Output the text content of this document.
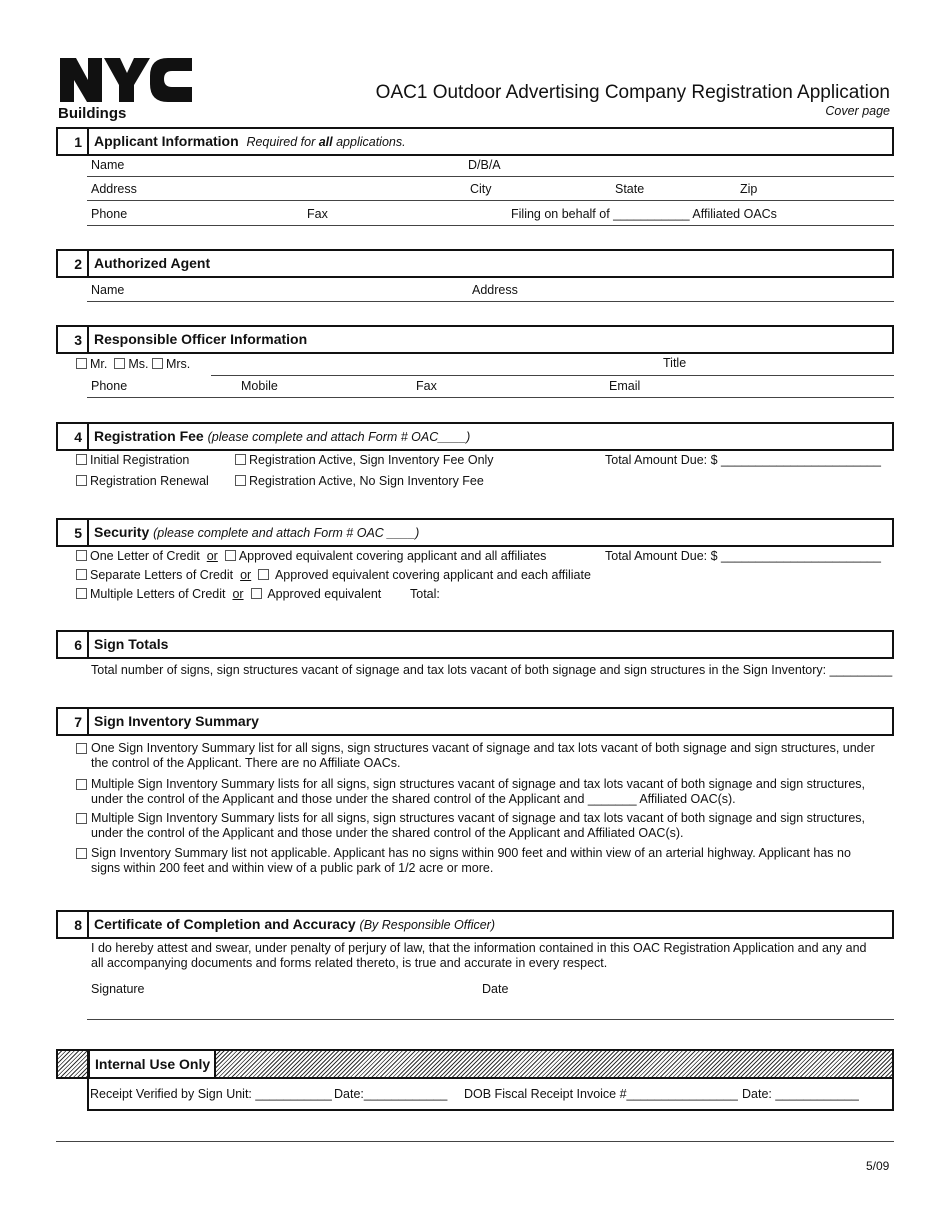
Buildings
OAC1 Outdoor Advertising Company Registration Application
Cover page
1 Applicant Information Required for all applications.
Name	D/B/A
Address	City	State	Zip
Phone	Fax	Filing on behalf of ___________ Affiliated OACs
2 Authorized Agent
Name	Address
3 Responsible Officer Information
Mr. Ms. Mrs.	Title
Phone	Mobile	Fax	Email
4 Registration Fee (please complete and attach Form # OAC____)
Initial Registration	Registration Active, Sign Inventory Fee Only	Total Amount Due: $ _______________________
Registration Renewal	Registration Active, No Sign Inventory Fee
5 Security (please complete and attach Form # OAC ____)
One Letter of Credit or Approved equivalent covering applicant and all affiliates	Total Amount Due: $ _______________________
Separate Letters of Credit or Approved equivalent covering applicant and each affiliate
Multiple Letters of Credit or Approved equivalent Total:
6 Sign Totals
Total number of signs, sign structures vacant of signage and tax lots vacant of both signage and sign structures in the Sign Inventory: _________
7 Sign Inventory Summary
One Sign Inventory Summary list for all signs, sign structures vacant of signage and tax lots vacant of both signage and sign structures, under the control of the Applicant. There are no Affiliate OACs.
Multiple Sign Inventory Summary lists for all signs, sign structures vacant of signage and tax lots vacant of both signage and sign structures, under the control of the Applicant and those under the shared control of the Applicant and _______ Affiliated OAC(s).
Multiple Sign Inventory Summary lists for all signs, sign structures vacant of signage and tax lots vacant of both signage and sign structures, under the control of the Applicant and those under the shared control of the Applicant and Affiliated OAC(s).
Sign Inventory Summary list not applicable. Applicant has no signs within 900 feet and within view of an arterial highway. Applicant has no signs within 200 feet and within view of a public park of 1/2 acre or more.
8 Certificate of Completion and Accuracy (By Responsible Officer)
I do hereby attest and swear, under penalty of perjury of law, that the information contained in this OAC Registration Application and any and all accompanying documents and forms related thereto, is true and accurate in every respect.
Signature	Date
Internal Use Only
Receipt Verified by Sign Unit: ___________ Date:____________ DOB Fiscal Receipt Invoice #________________ Date: ____________
5/09
